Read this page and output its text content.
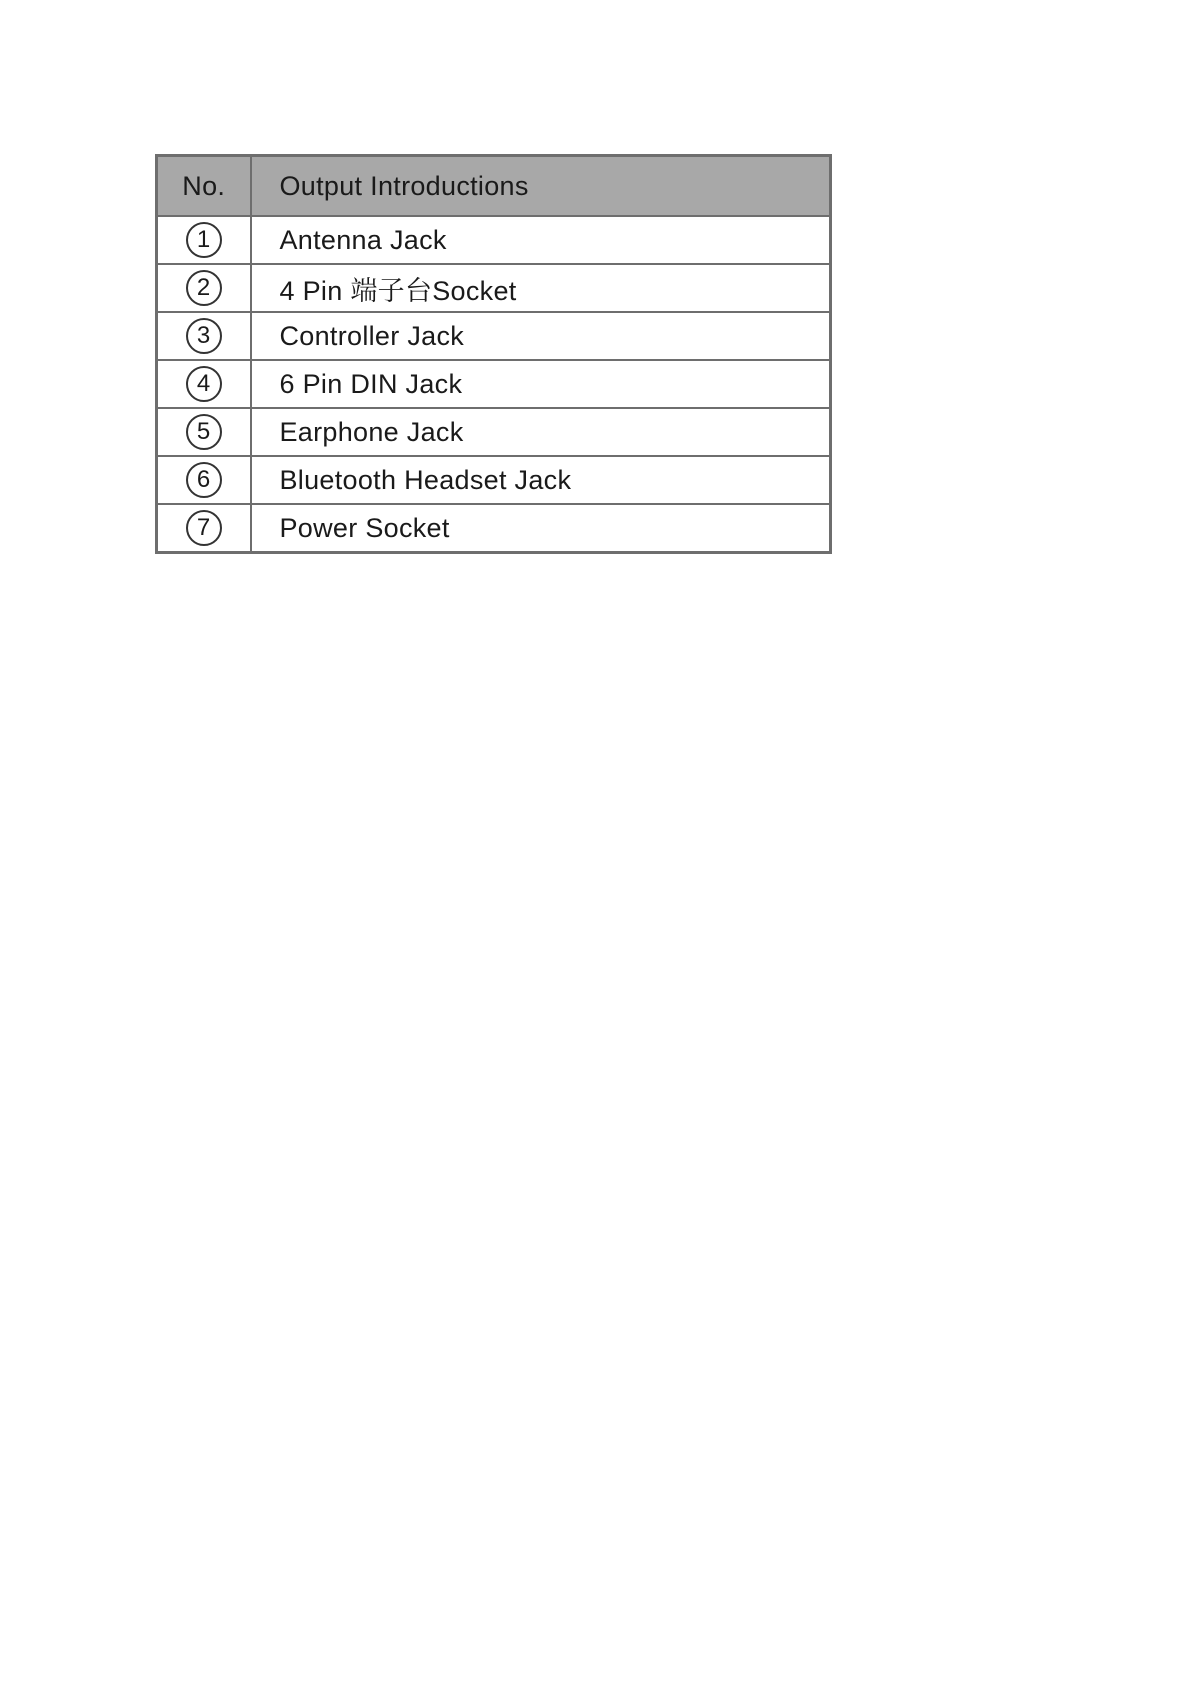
No.	Output Introductions
1	Antenna Jack
2	4 Pin 端子台Socket
3	Controller Jack
4	6 Pin DIN Jack
5	Earphone Jack
6	Bluetooth Headset Jack
7	Power Socket
